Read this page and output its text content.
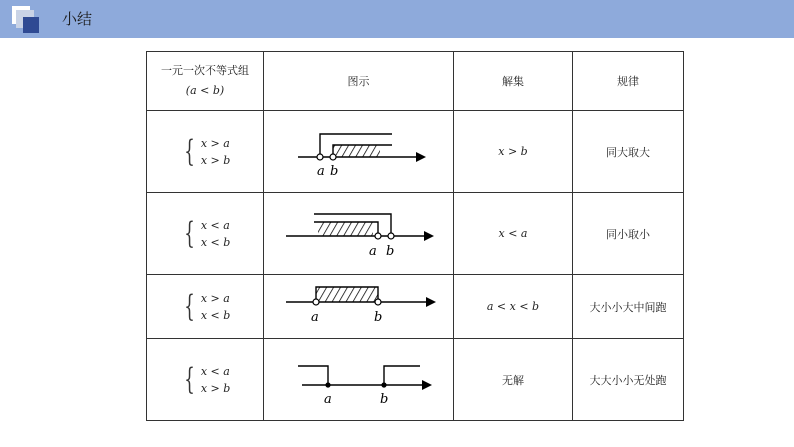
小结
一元一次不等式组
(a < b)	图示	解集	规律

{ x > a
x > b	a b	x > b	同大取大

{ x < a
x < b	a b	x < a	同小取小

{ x > a
x < b	a b	a < x < b	大小小大中间跑

{ x < a
x > b	a b	无解	大大小小无处跑
